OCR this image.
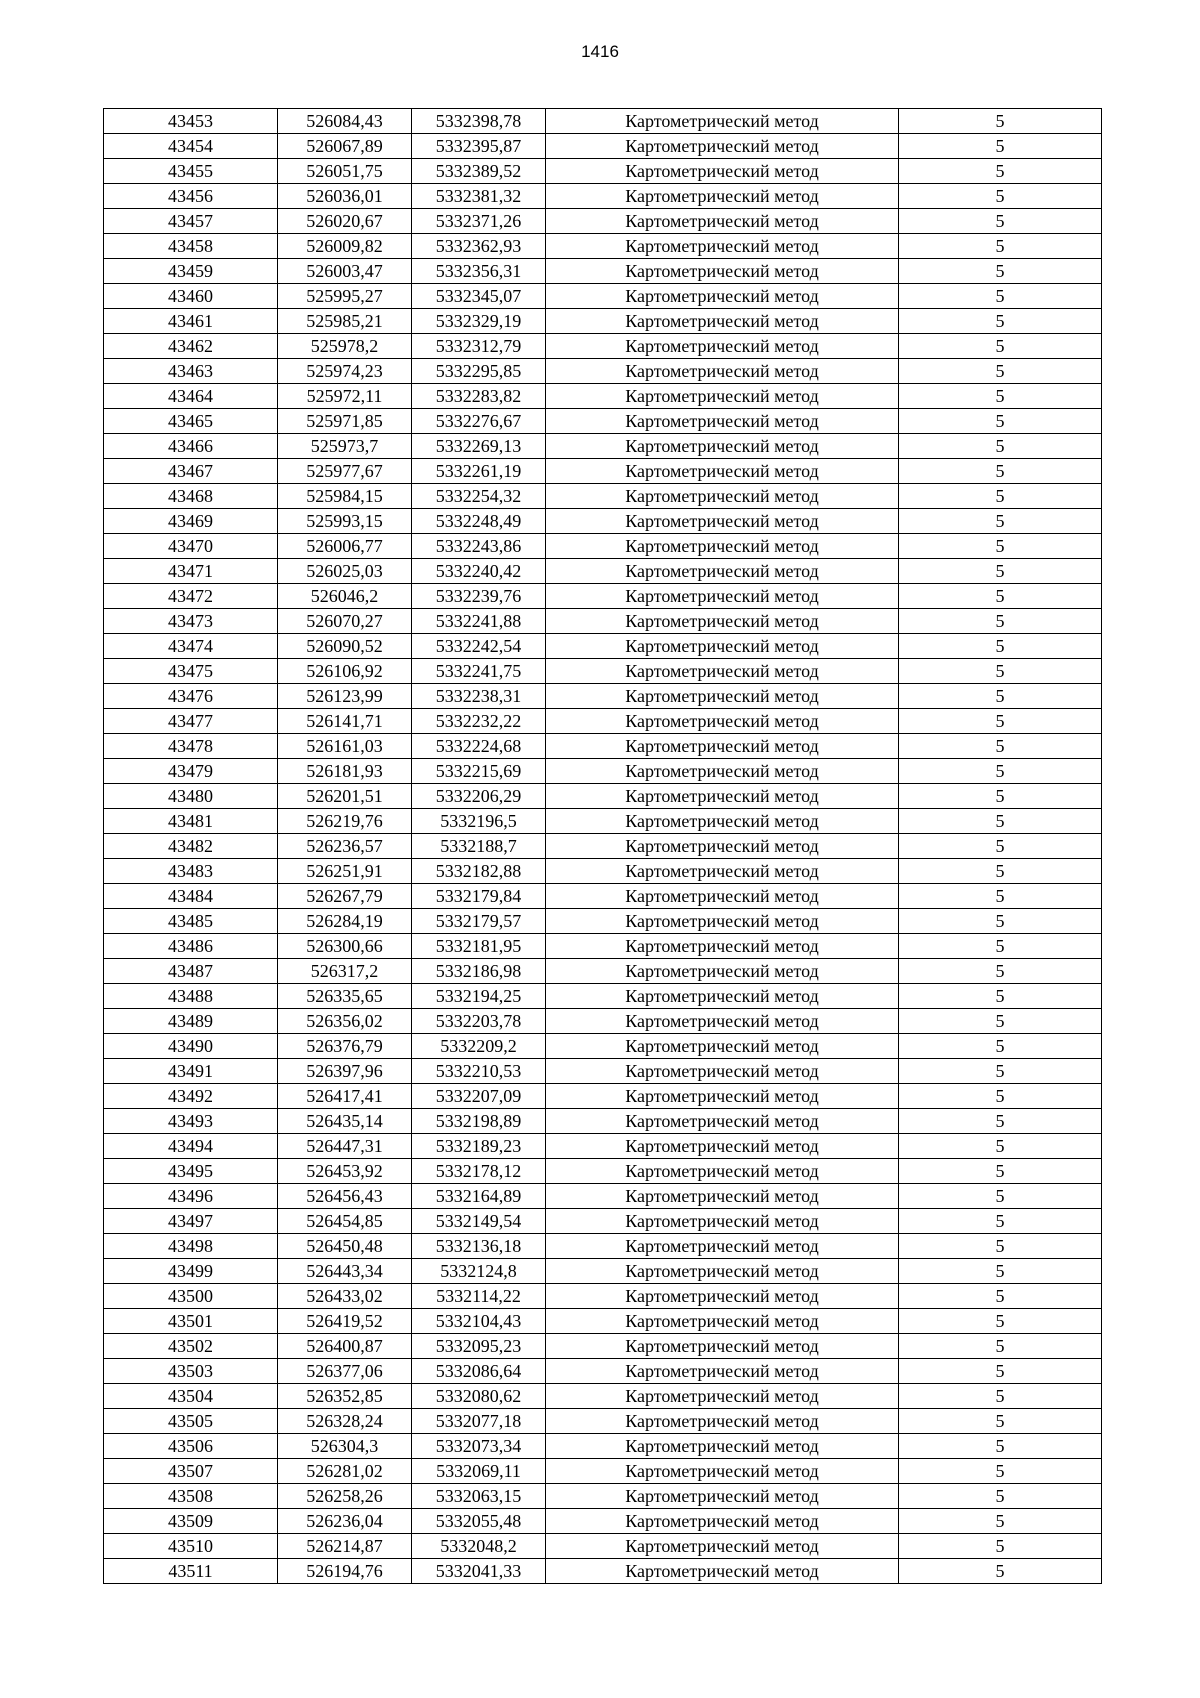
1416
43453	526084,43	5332398,78	Картометрический метод	5
43454	526067,89	5332395,87	Картометрический метод	5
43455	526051,75	5332389,52	Картометрический метод	5
43456	526036,01	5332381,32	Картометрический метод	5
43457	526020,67	5332371,26	Картометрический метод	5
43458	526009,82	5332362,93	Картометрический метод	5
43459	526003,47	5332356,31	Картометрический метод	5
43460	525995,27	5332345,07	Картометрический метод	5
43461	525985,21	5332329,19	Картометрический метод	5
43462	525978,2	5332312,79	Картометрический метод	5
43463	525974,23	5332295,85	Картометрический метод	5
43464	525972,11	5332283,82	Картометрический метод	5
43465	525971,85	5332276,67	Картометрический метод	5
43466	525973,7	5332269,13	Картометрический метод	5
43467	525977,67	5332261,19	Картометрический метод	5
43468	525984,15	5332254,32	Картометрический метод	5
43469	525993,15	5332248,49	Картометрический метод	5
43470	526006,77	5332243,86	Картометрический метод	5
43471	526025,03	5332240,42	Картометрический метод	5
43472	526046,2	5332239,76	Картометрический метод	5
43473	526070,27	5332241,88	Картометрический метод	5
43474	526090,52	5332242,54	Картометрический метод	5
43475	526106,92	5332241,75	Картометрический метод	5
43476	526123,99	5332238,31	Картометрический метод	5
43477	526141,71	5332232,22	Картометрический метод	5
43478	526161,03	5332224,68	Картометрический метод	5
43479	526181,93	5332215,69	Картометрический метод	5
43480	526201,51	5332206,29	Картометрический метод	5
43481	526219,76	5332196,5	Картометрический метод	5
43482	526236,57	5332188,7	Картометрический метод	5
43483	526251,91	5332182,88	Картометрический метод	5
43484	526267,79	5332179,84	Картометрический метод	5
43485	526284,19	5332179,57	Картометрический метод	5
43486	526300,66	5332181,95	Картометрический метод	5
43487	526317,2	5332186,98	Картометрический метод	5
43488	526335,65	5332194,25	Картометрический метод	5
43489	526356,02	5332203,78	Картометрический метод	5
43490	526376,79	5332209,2	Картометрический метод	5
43491	526397,96	5332210,53	Картометрический метод	5
43492	526417,41	5332207,09	Картометрический метод	5
43493	526435,14	5332198,89	Картометрический метод	5
43494	526447,31	5332189,23	Картометрический метод	5
43495	526453,92	5332178,12	Картометрический метод	5
43496	526456,43	5332164,89	Картометрический метод	5
43497	526454,85	5332149,54	Картометрический метод	5
43498	526450,48	5332136,18	Картометрический метод	5
43499	526443,34	5332124,8	Картометрический метод	5
43500	526433,02	5332114,22	Картометрический метод	5
43501	526419,52	5332104,43	Картометрический метод	5
43502	526400,87	5332095,23	Картометрический метод	5
43503	526377,06	5332086,64	Картометрический метод	5
43504	526352,85	5332080,62	Картометрический метод	5
43505	526328,24	5332077,18	Картометрический метод	5
43506	526304,3	5332073,34	Картометрический метод	5
43507	526281,02	5332069,11	Картометрический метод	5
43508	526258,26	5332063,15	Картометрический метод	5
43509	526236,04	5332055,48	Картометрический метод	5
43510	526214,87	5332048,2	Картометрический метод	5
43511	526194,76	5332041,33	Картометрический метод	5
